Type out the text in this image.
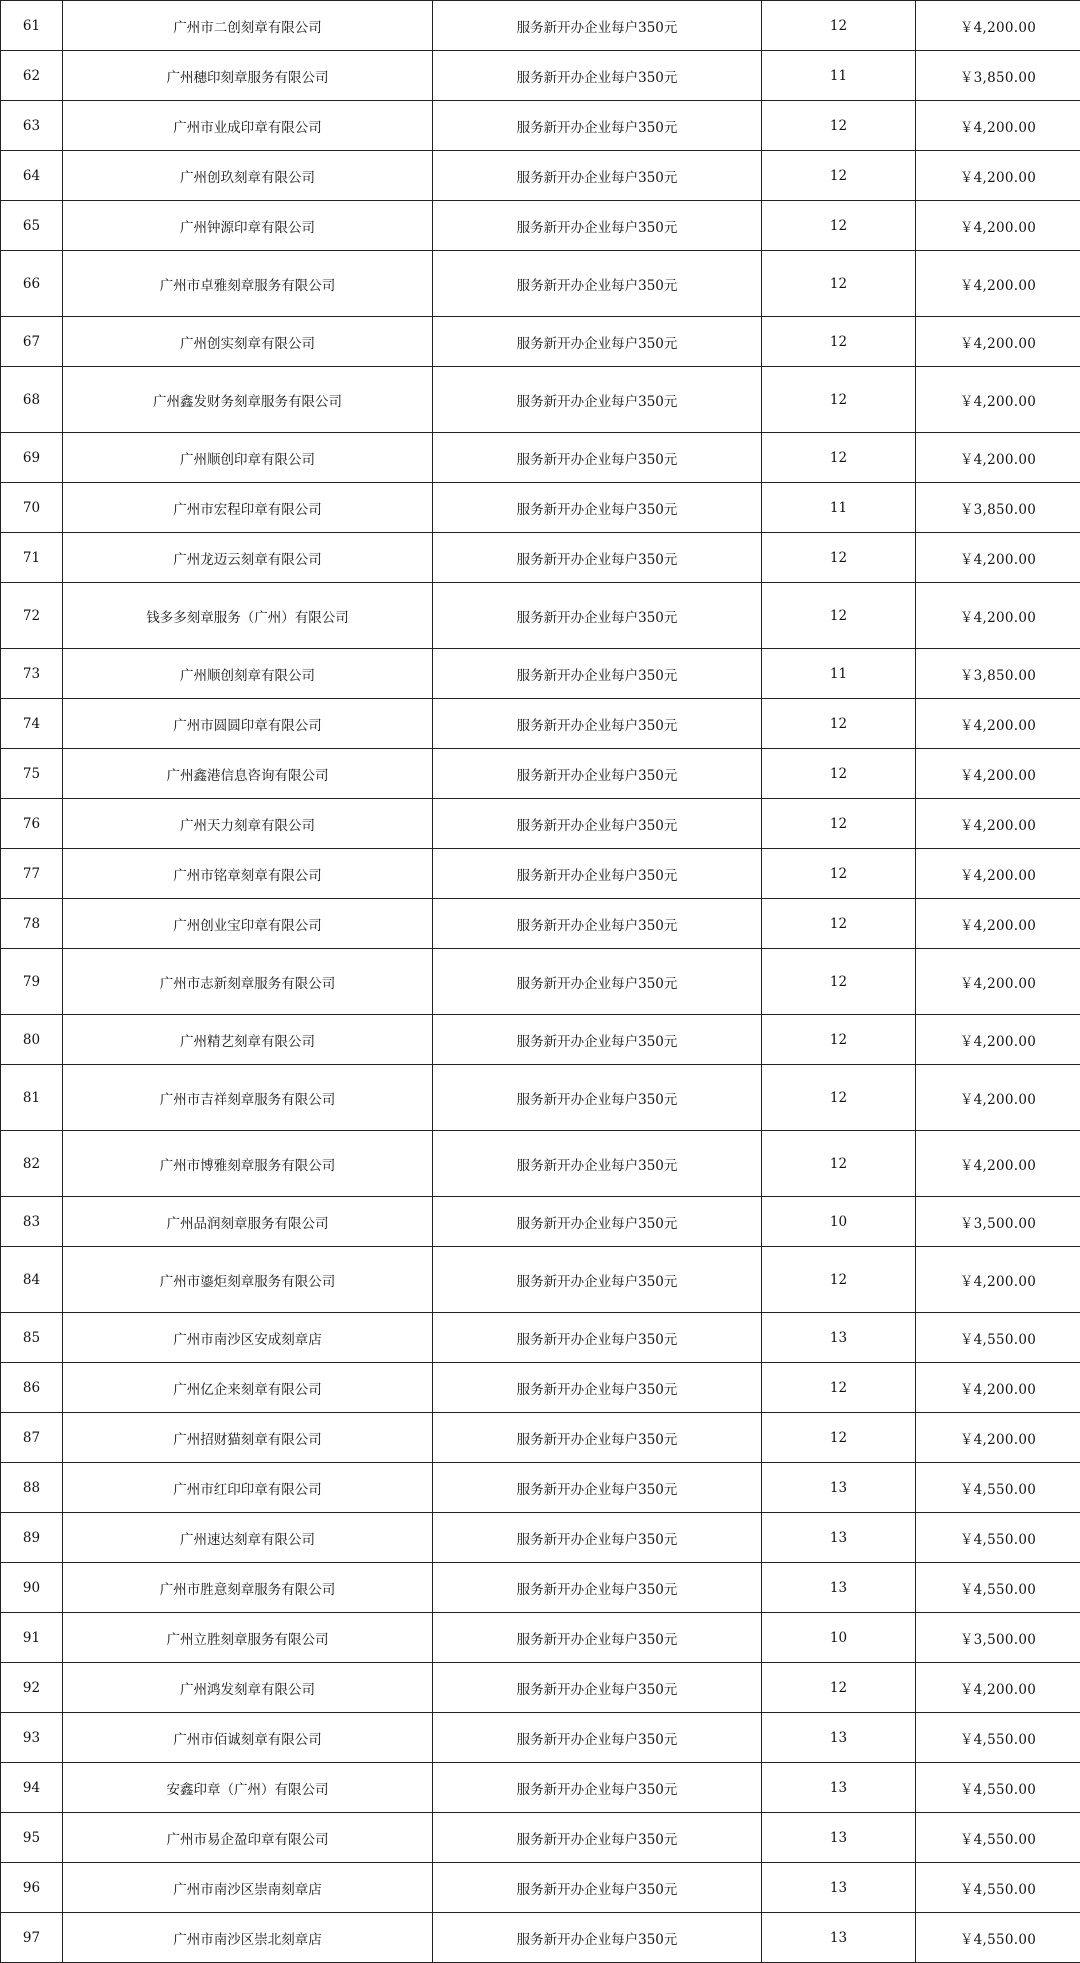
61	广州市二创刻章有限公司	服务新开办企业每户350元	12	￥4,200.00
62	广州穗印刻章服务有限公司	服务新开办企业每户350元	11	￥3,850.00
63	广州市业成印章有限公司	服务新开办企业每户350元	12	￥4,200.00
64	广州创玖刻章有限公司	服务新开办企业每户350元	12	￥4,200.00
65	广州钟源印章有限公司	服务新开办企业每户350元	12	￥4,200.00
66	广州市卓雅刻章服务有限公司	服务新开办企业每户350元	12	￥4,200.00
67	广州创实刻章有限公司	服务新开办企业每户350元	12	￥4,200.00
68	广州鑫发财务刻章服务有限公司	服务新开办企业每户350元	12	￥4,200.00
69	广州顺创印章有限公司	服务新开办企业每户350元	12	￥4,200.00
70	广州市宏程印章有限公司	服务新开办企业每户350元	11	￥3,850.00
71	广州龙迈云刻章有限公司	服务新开办企业每户350元	12	￥4,200.00
72	钱多多刻章服务（广州）有限公司	服务新开办企业每户350元	12	￥4,200.00
73	广州顺创刻章有限公司	服务新开办企业每户350元	11	￥3,850.00
74	广州市圆圆印章有限公司	服务新开办企业每户350元	12	￥4,200.00
75	广州鑫港信息咨询有限公司	服务新开办企业每户350元	12	￥4,200.00
76	广州天力刻章有限公司	服务新开办企业每户350元	12	￥4,200.00
77	广州市铭章刻章有限公司	服务新开办企业每户350元	12	￥4,200.00
78	广州创业宝印章有限公司	服务新开办企业每户350元	12	￥4,200.00
79	广州市志新刻章服务有限公司	服务新开办企业每户350元	12	￥4,200.00
80	广州精艺刻章有限公司	服务新开办企业每户350元	12	￥4,200.00
81	广州市吉祥刻章服务有限公司	服务新开办企业每户350元	12	￥4,200.00
82	广州市博雅刻章服务有限公司	服务新开办企业每户350元	12	￥4,200.00
83	广州品润刻章服务有限公司	服务新开办企业每户350元	10	￥3,500.00
84	广州市鎏炬刻章服务有限公司	服务新开办企业每户350元	12	￥4,200.00
85	广州市南沙区安成刻章店	服务新开办企业每户350元	13	￥4,550.00
86	广州亿企来刻章有限公司	服务新开办企业每户350元	12	￥4,200.00
87	广州招财猫刻章有限公司	服务新开办企业每户350元	12	￥4,200.00
88	广州市红印印章有限公司	服务新开办企业每户350元	13	￥4,550.00
89	广州速达刻章有限公司	服务新开办企业每户350元	13	￥4,550.00
90	广州市胜意刻章服务有限公司	服务新开办企业每户350元	13	￥4,550.00
91	广州立胜刻章服务有限公司	服务新开办企业每户350元	10	￥3,500.00
92	广州鸿发刻章有限公司	服务新开办企业每户350元	12	￥4,200.00
93	广州市佰诚刻章有限公司	服务新开办企业每户350元	13	￥4,550.00
94	安鑫印章（广州）有限公司	服务新开办企业每户350元	13	￥4,550.00
95	广州市易企盈印章有限公司	服务新开办企业每户350元	13	￥4,550.00
96	广州市南沙区崇南刻章店	服务新开办企业每户350元	13	￥4,550.00
97	广州市南沙区崇北刻章店	服务新开办企业每户350元	13	￥4,550.00
